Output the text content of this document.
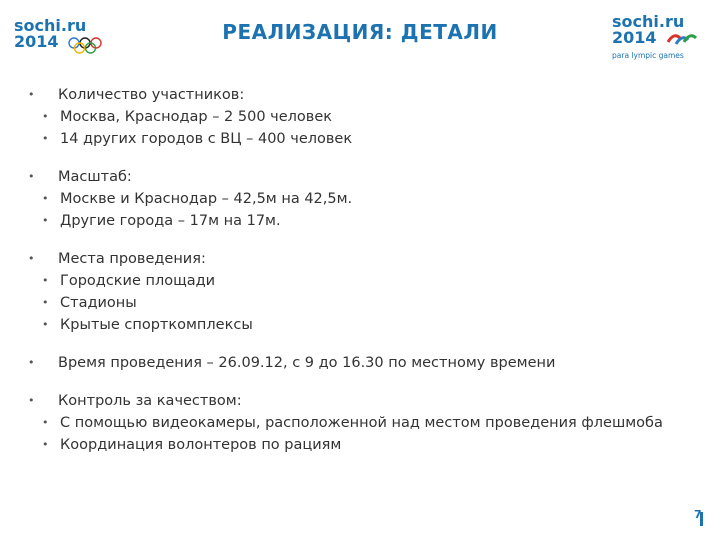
sochi.ru
2014	РЕАЛИЗАЦИЯ: ДЕТАЛИ	sochi.ru
2014
para lympic games
• Количество участников:
• Москва, Краснодар – 2 500 человек
• 14 других городов с ВЦ – 400 человек
• Масштаб:
• Москве и Краснодар – 42,5м на 42,5м.
• Другие города – 17м на 17м.
• Места проведения:
• Городские площади
• Стадионы
• Крытые спорткомплексы
• Время проведения – 26.09.12, с 9 до 16.30 по местному времени
• Контроль за качеством:
• С помощью видеокамеры, расположенной над местом проведения флешмоба
• Координация волонтеров по рациям
7
